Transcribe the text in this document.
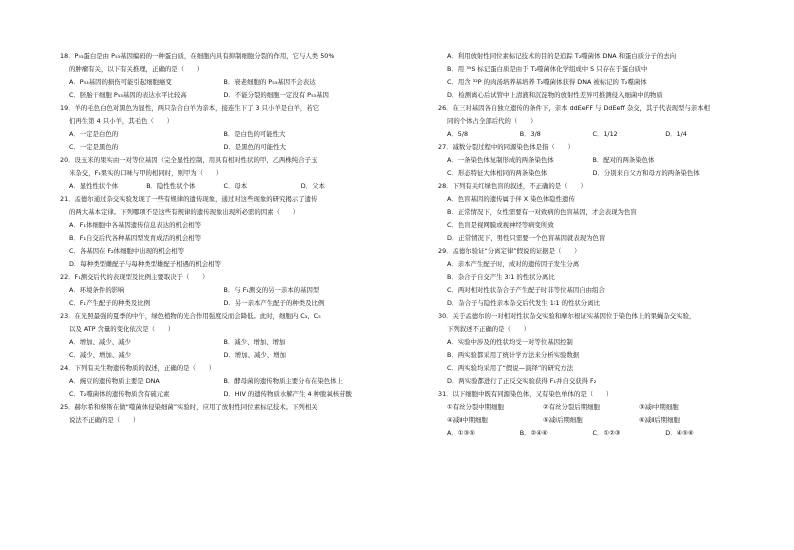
18．P₅₃蛋白是由 P₅₃基因编码的一种蛋白质，在细胞内具有抑制细胞分裂的作用，它与人类 50%
的肿瘤有关，以下有关推理，正确的是（　　）
A．P₅₃基因的损伤可能引起细胞癌变	B．衰老细胞的 P₅₃基因不会表达
C．胚胎干细胞 P₅₃基因的表达水平比较高	D．不能分裂的细胞一定没有 P₅₃基因
19．羊的毛色白色对黑色为显性，两只杂合白羊为亲本，接连生下了 3 只小羊是白羊，若它
们再生第 4 只小羊，其毛色（　　）
A．一定是白色的	B．是白色的可能性大
C．一定是黑色的	D．是黑色的可能性大
20．设玉米的果实由一对等位基因（完全显性控制，用具有相对性状的甲、乙两株纯合子玉
米杂交，F₁果实的口味与甲的相同时，则甲为（　　）
A．显性性状个体	B．隐性性状个体	C．母本	D．父本
21．孟德尔通过杂交实验发现了一些有规律的遗传现象，通过对这些现象的研究揭示了遗传
的两大基本定律。下列哪项不是这些有规律的遗传现象出现所必需的因素（　　）
A．F₁体细胞中各基因遗传信息表达的机会相等
B．F₁自交后代各种基因型发育成活的机会相等
C．各基因在 F₂体细胞中出现的机会相等
D．每种类型雌配子与每种类型雄配子相遇的机会相等
22．F₁测交后代的表现型及比例主要取决于（　　）
A．环境条件的影响	B．与 F₁测交的另一亲本的基因型
C．F₁产生配子的种类及比例	D．另一亲本产生配子的种类及比例
23．在光照最强的夏季的中午，绿色植物的光合作用强度反而会降低。此时，细胞内 C₃、C₅
以及 ATP 含量的变化依次是（　　）
A．增加、减少、减少	B．减少、增加、增加
C．减少、增加、减少	D．增加、减少、增加
24．下列有关生物遗传物质的叙述，正确的是（　　）
A．豌豆的遗传物质主要是 DNA	B．酵母菌的遗传物质主要分布在染色体上
C．T₂噬菌体的遗传物质含有硫元素	D．HIV 的遗传物质水解产生 4 种脱氧核苷酸
25．赫尔希和蔡斯在做“噬菌体侵染细菌”实验时，应用了放射性同位素标记技术。下列相关
说法不正确的是（　　）
A．利用放射性同位素标记技术的目的是追踪 T₂噬菌体 DNA 和蛋白质分子的去向
B．用 ³⁵S 标记蛋白质是由于 T₂噬菌体化学组成中 S 只存在于蛋白质中
C．用含 ³²P 的肉汤培养基培养 T₂噬菌体获得 DNA 被标记的 T₂噬菌体
D．检测离心后试管中上清液和沉淀物的放射性差异可推测侵入细菌中的物质
26．在三对基因各自独立遗传的条件下，亲本 ddEeFF 与 DdEeff 杂交，其子代表现型与亲本相
同的个体占全部后代的（　　）
A．5/8	B．3/8	C．1/12	D．1/4
27．减数分裂过程中的同源染色体是指（　　）
A．一条染色体复制形成的两条染色体	B．配对的两条染色体
C．形态特征大体相同的两条染色体	D．分别来自父方和母方的两条染色体
28．下列有关红绿色盲的叙述，不正确的是（　　）
A．色盲基因的遗传属于伴 X 染色体隐性遗传
B．正常情况下，女性需要有一对致病的色盲基因，才会表现为色盲
C．色盲是视网膜或视神经等病变所致
D．正常情况下，男性只需要一个色盲基因就表现为色盲
29．孟德尔验证“分离定律”假说的证据是（　　）
A．亲本产生配子时，成对的遗传因子发生分离
B．杂合子自交产生 3∶1 的性状分离比
C．两对相对性状杂合子产生配子时非等位基因自由组合
D．杂合子与隐性亲本杂交后代发生 1∶1 的性状分离比
30．关于孟德尔的一对相对性状杂交实验和摩尔根证实基因位于染色体上的果蝇杂交实验，
下列叙述不正确的是（　　）
A．实验中涉及的性状均受一对等位基因控制
B．两实验都采用了统计学方法来分析实验数据
C．两实验均采用了“假说—演绎”的研究方法
D．两实验都进行了正反交实验获得 F₁并自交获得 F₂
31．以下细胞中既有同源染色体，又有染色单体的是（　　）
①有丝分裂中期细胞	②有丝分裂后期细胞	③减Ⅰ中期细胞
④减Ⅱ中期细胞	⑤减Ⅰ后期细胞	⑥减Ⅱ后期细胞
A．①③⑤	B．②④⑥	C．①②③	D．④⑤⑥
